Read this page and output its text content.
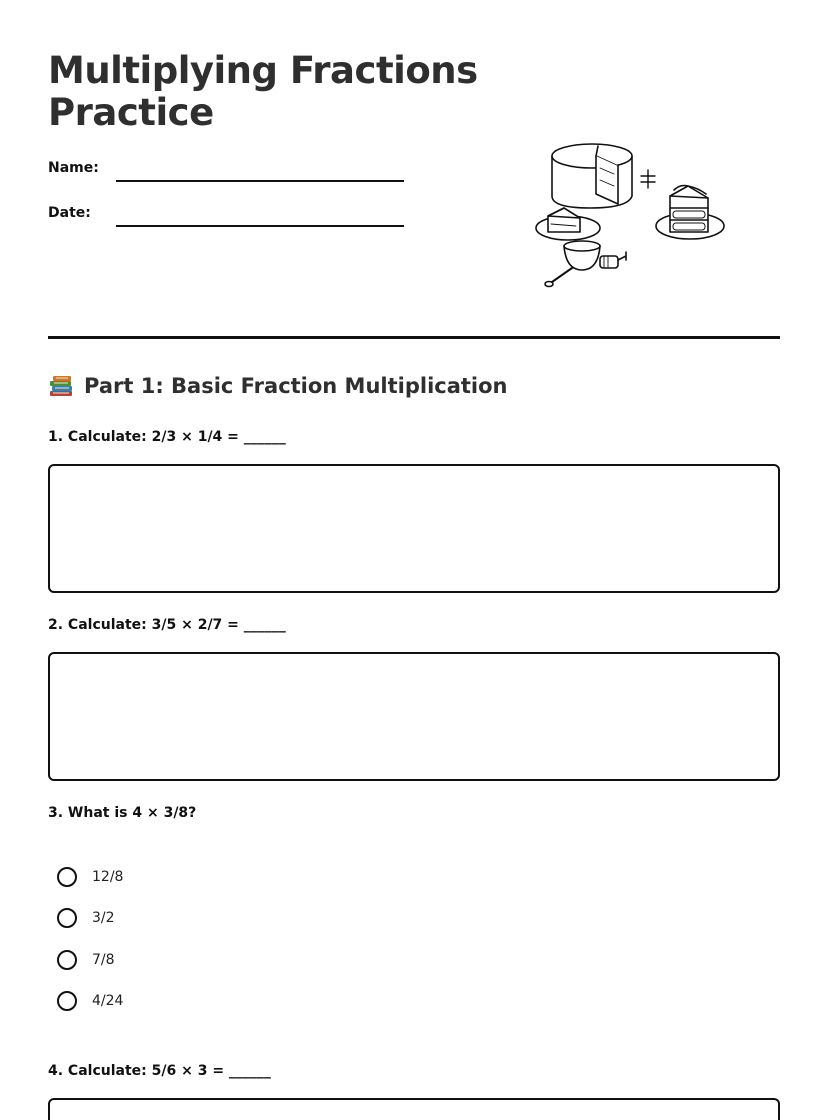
Multiplying Fractions
Practice
Name:
Date:
Part 1: Basic Fraction Multiplication
1. Calculate: 2/3 × 1/4 = ______
2. Calculate: 3/5 × 2/7 = ______
3. What is 4 × 3/8?
12/8
3/2
7/8
4/24
4. Calculate: 5/6 × 3 = ______
